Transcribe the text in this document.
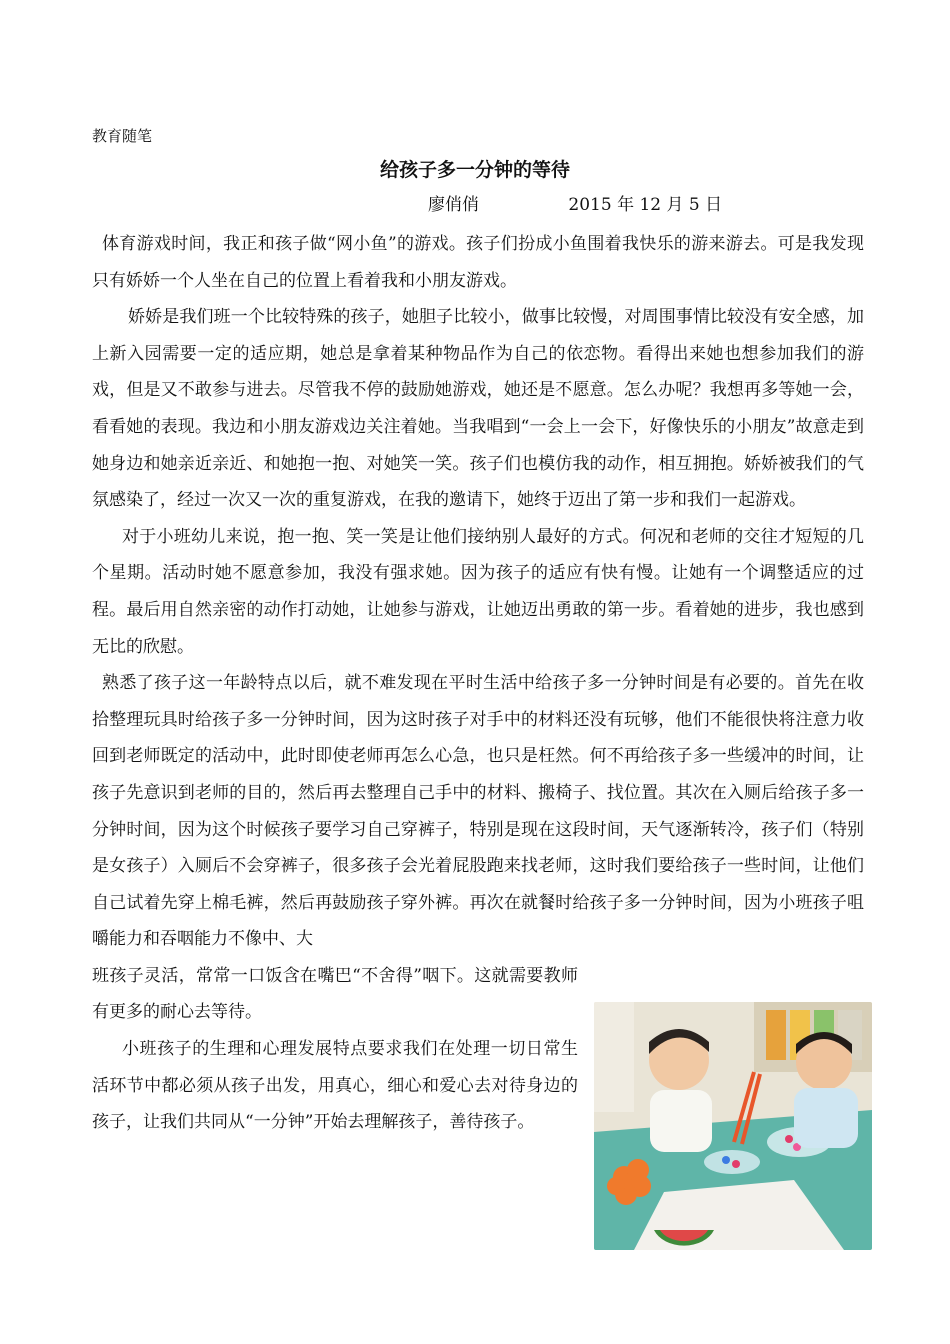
教育随笔
给孩子多一分钟的等待
廖俏俏	2015 年 12 月 5 日

体育游戏时间，我正和孩子做“网小鱼”的游戏。孩子们扮成小鱼围着我快乐的游来游去。可是我发现只有娇娇一个人坐在自己的位置上看着我和小朋友游戏。

娇娇是我们班一个比较特殊的孩子，她胆子比较小，做事比较慢，对周围事情比较没有安全感，加上新入园需要一定的适应期，她总是拿着某种物品作为自己的依恋物。看得出来她也想参加我们的游戏，但是又不敢参与进去。尽管我不停的鼓励她游戏，她还是不愿意。怎么办呢？我想再多等她一会，看看她的表现。我边和小朋友游戏边关注着她。当我唱到“一会上一会下，好像快乐的小朋友”故意走到她身边和她亲近亲近、和她抱一抱、对她笑一笑。孩子们也模仿我的动作，相互拥抱。娇娇被我们的气氛感染了，经过一次又一次的重复游戏，在我的邀请下，她终于迈出了第一步和我们一起游戏。

对于小班幼儿来说，抱一抱、笑一笑是让他们接纳别人最好的方式。何况和老师的交往才短短的几个星期。活动时她不愿意参加，我没有强求她。因为孩子的适应有快有慢。让她有一个调整适应的过程。最后用自然亲密的动作打动她，让她参与游戏，让她迈出勇敢的第一步。看着她的进步，我也感到无比的欣慰。

熟悉了孩子这一年龄特点以后，就不难发现在平时生活中给孩子多一分钟时间是有必要的。首先在收拾整理玩具时给孩子多一分钟时间，因为这时孩子对手中的材料还没有玩够，他们不能很快将注意力收回到老师既定的活动中，此时即使老师再怎么心急，也只是枉然。何不再给孩子多一些缓冲的时间，让孩子先意识到老师的目的，然后再去整理自己手中的材料、搬椅子、找位置。其次在入厕后给孩子多一分钟时间，因为这个时候孩子要学习自己穿裤子，特别是现在这段时间，天气逐渐转冷，孩子们（特别是女孩子）入厕后不会穿裤子，很多孩子会光着屁股跑来找老师，这时我们要给孩子一些时间，让他们自己试着先穿上棉毛裤，然后再鼓励孩子穿外裤。再次在就餐时给孩子多一分钟时间，因为小班孩子咀嚼能力和吞咽能力不像中、大

班孩子灵活，常常一口饭含在嘴巴“不舍得”咽下。这就需要教师有更多的耐心去等待。

小班孩子的生理和心理发展特点要求我们在处理一切日常生活环节中都必须从孩子出发，用真心，细心和爱心去对待身边的孩子，让我们共同从“一分钟”开始去理解孩子，善待孩子。
